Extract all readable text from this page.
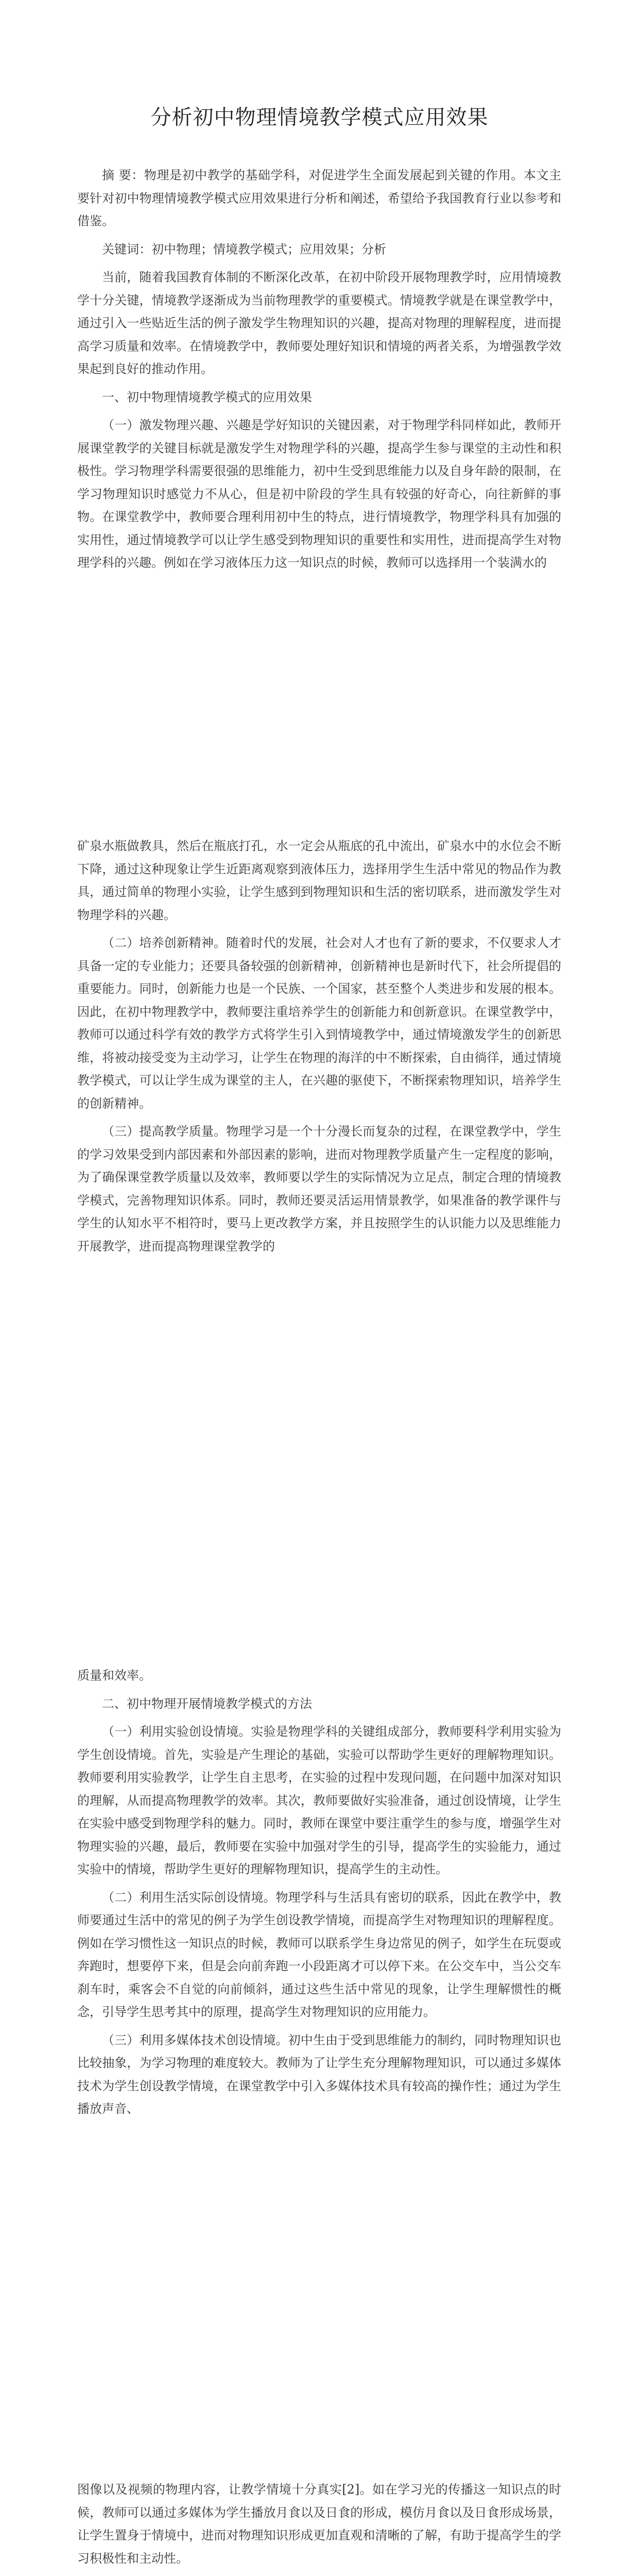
分析初中物理情境教学模式应用效果

摘 要：物理是初中教学的基础学科，对促进学生全面发展起到关键的作用。本文主要针对初中物理情境教学模式应用效果进行分析和阐述，希望给予我国教育行业以参考和借鉴。

关键词：初中物理；情境教学模式；应用效果；分析

当前，随着我国教育体制的不断深化改革，在初中阶段开展物理教学时，应用情境教学十分关键，情境教学逐渐成为当前物理教学的重要模式。情境教学就是在课堂教学中，通过引入一些贴近生活的例子激发学生物理知识的兴趣，提高对物理的理解程度，进而提高学习质量和效率。在情境教学中，教师要处理好知识和情境的两者关系，为增强教学效果起到良好的推动作用。

一、初中物理情境教学模式的应用效果

（一）激发物理兴趣、兴趣是学好知识的关键因素，对于物理学科同样如此，教师开展课堂教学的关键目标就是激发学生对物理学科的兴趣，提高学生参与课堂的主动性和积极性。学习物理学科需要很强的思维能力，初中生受到思维能力以及自身年龄的限制，在学习物理知识时感觉力不从心，但是初中阶段的学生具有较强的好奇心，向往新鲜的事物。在课堂教学中，教师要合理利用初中生的特点，进行情境教学，物理学科具有加强的实用性，通过情境教学可以让学生感受到物理知识的重要性和实用性，进而提高学生对物理学科的兴趣。例如在学习液体压力这一知识点的时候，教师可以选择用一个装满水的

矿泉水瓶做教具，然后在瓶底打孔，水一定会从瓶底的孔中流出，矿泉水中的水位会不断下降，通过这种现象让学生近距离观察到液体压力，选择用学生生活中常见的物品作为教具，通过简单的物理小实验，让学生感到到物理知识和生活的密切联系，进而激发学生对物理学科的兴趣。

（二）培养创新精神。随着时代的发展，社会对人才也有了新的要求，不仅要求人才具备一定的专业能力；还要具备较强的创新精神，创新精神也是新时代下，社会所提倡的重要能力。同时，创新能力也是一个民族、一个国家，甚至整个人类进步和发展的根本。因此，在初中物理教学中，教师要注重培养学生的创新能力和创新意识。在课堂教学中，教师可以通过科学有效的教学方式将学生引入到情境教学中，通过情境激发学生的创新思维，将被动接受变为主动学习，让学生在物理的海洋的中不断探索，自由徜徉，通过情境教学模式，可以让学生成为课堂的主人，在兴趣的驱使下，不断探索物理知识，培养学生的创新精神。

（三）提高教学质量。物理学习是一个十分漫长而复杂的过程，在课堂教学中，学生的学习效果受到内部因素和外部因素的影响，进而对物理教学质量产生一定程度的影响，为了确保课堂教学质量以及效率，教师要以学生的实际情况为立足点，制定合理的情境教学模式，完善物理知识体系。同时，教师还要灵活运用情景教学，如果准备的教学课件与学生的认知水平不相符时，要马上更改教学方案，并且按照学生的认识能力以及思维能力开展教学，进而提高物理课堂教学的

质量和效率。

二、初中物理开展情境教学模式的方法

（一）利用实验创设情境。实验是物理学科的关键组成部分，教师要科学利用实验为学生创设情境。首先，实验是产生理论的基础，实验可以帮助学生更好的理解物理知识。教师要利用实验教学，让学生自主思考，在实验的过程中发现问题，在问题中加深对知识的理解，从而提高物理教学的效率。其次，教师要做好实验准备，通过创设情境，让学生在实验中感受到物理学科的魅力。同时，教师在课堂中要注重学生的参与度，增强学生对物理实验的兴趣，最后，教师要在实验中加强对学生的引导，提高学生的实验能力，通过实验中的情境，帮助学生更好的理解物理知识，提高学生的主动性。

（二）利用生活实际创设情境。物理学科与生活具有密切的联系，因此在教学中，教师要通过生活中的常见的例子为学生创设教学情境，而提高学生对物理知识的理解程度。例如在学习惯性这一知识点的时候，教师可以联系学生身边常见的例子，如学生在玩耍或奔跑时，想要停下来，但是会向前奔跑一小段距离才可以停下来。在公交车中，当公交车刹车时，乘客会不自觉的向前倾斜，通过这些生活中常见的现象，让学生理解惯性的概念，引导学生思考其中的原理，提高学生对物理知识的应用能力。

（三）利用多媒体技术创设情境。初中生由于受到思维能力的制约，同时物理知识也比较抽象，为学习物理的难度较大。教师为了让学生充分理解物理知识，可以通过多媒体技术为学生创设教学情境，在课堂教学中引入多媒体技术具有较高的操作性；通过为学生播放声音、

图像以及视频的物理内容，让教学情境十分真实[2]。如在学习光的传播这一知识点的时候，教师可以通过多媒体为学生播放月食以及日食的形成，模仿月食以及日食形成场景，让学生置身于情境中，进而对物理知识形成更加直观和清晰的了解，有助于提高学生的学习积极性和主动性。
